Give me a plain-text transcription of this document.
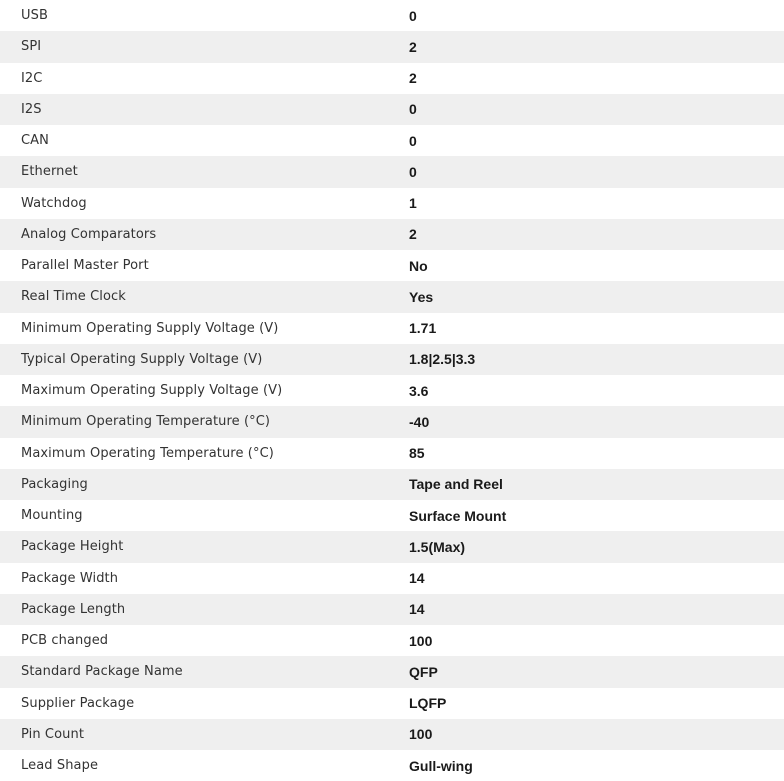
USB	0
SPI	2
I2C	2
I2S	0
CAN	0
Ethernet	0
Watchdog	1
Analog Comparators	2
Parallel Master Port	No
Real Time Clock	Yes
Minimum Operating Supply Voltage (V)	1.71
Typical Operating Supply Voltage (V)	1.8|2.5|3.3
Maximum Operating Supply Voltage (V)	3.6
Minimum Operating Temperature (°C)	-40
Maximum Operating Temperature (°C)	85
Packaging	Tape and Reel
Mounting	Surface Mount
Package Height	1.5(Max)
Package Width	14
Package Length	14
PCB changed	100
Standard Package Name	QFP
Supplier Package	LQFP
Pin Count	100
Lead Shape	Gull-wing
